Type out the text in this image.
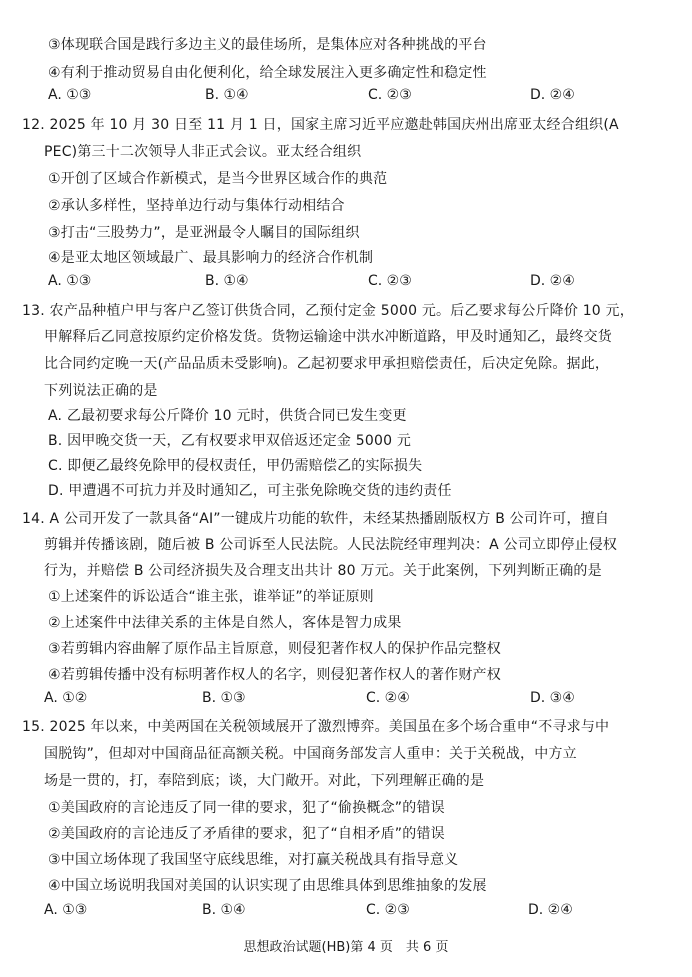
③体现联合国是践行多边主义的最佳场所，是集体应对各种挑战的平台
④有利于推动贸易自由化便利化，给全球发展注入更多确定性和稳定性
A. ①③	B. ①④	C. ②③	D. ②④
12. 2025 年 10 月 30 日至 11 月 1 日，国家主席习近平应邀赴韩国庆州出席亚太经合组织(A
PEC)第三十二次领导人非正式会议。亚太经合组织
①开创了区域合作新模式，是当今世界区域合作的典范
②承认多样性，坚持单边行动与集体行动相结合
③打击“三股势力”，是亚洲最令人瞩目的国际组织
④是亚太地区领域最广、最具影响力的经济合作机制
A. ①③	B. ①④	C. ②③	D. ②④
13. 农产品种植户甲与客户乙签订供货合同，乙预付定金 5000 元。后乙要求每公斤降价 10 元，
甲解释后乙同意按原约定价格发货。货物运输途中洪水冲断道路，甲及时通知乙，最终交货
比合同约定晚一天(产品品质未受影响)。乙起初要求甲承担赔偿责任，后决定免除。据此，
下列说法正确的是
A. 乙最初要求每公斤降价 10 元时，供货合同已发生变更
B. 因甲晚交货一天，乙有权要求甲双倍返还定金 5000 元
C. 即便乙最终免除甲的侵权责任，甲仍需赔偿乙的实际损失
D. 甲遭遇不可抗力并及时通知乙，可主张免除晚交货的违约责任
14. A 公司开发了一款具备“AI”一键成片功能的软件，未经某热播剧版权方 B 公司许可，擅自
剪辑并传播该剧，随后被 B 公司诉至人民法院。人民法院经审理判决：A 公司立即停止侵权
行为，并赔偿 B 公司经济损失及合理支出共计 80 万元。关于此案例，下列判断正确的是
①上述案件的诉讼适合“谁主张，谁举证”的举证原则
②上述案件中法律关系的主体是自然人，客体是智力成果
③若剪辑内容曲解了原作品主旨原意，则侵犯著作权人的保护作品完整权
④若剪辑传播中没有标明著作权人的名字，则侵犯著作权人的著作财产权
A. ①②	B. ①③	C. ②④	D. ③④
15. 2025 年以来，中美两国在关税领域展开了激烈博弈。美国虽在多个场合重申“不寻求与中
国脱钩”，但却对中国商品征高额关税。中国商务部发言人重申：关于关税战，中方立
场是一贯的，打，奉陪到底；谈，大门敞开。对此，下列理解正确的是
①美国政府的言论违反了同一律的要求，犯了“偷换概念”的错误
②美国政府的言论违反了矛盾律的要求，犯了“自相矛盾”的错误
③中国立场体现了我国坚守底线思维，对打赢关税战具有指导意义
④中国立场说明我国对美国的认识实现了由思维具体到思维抽象的发展
A. ①③	B. ①④	C. ②③	D. ②④
思想政治试题(HB)第 4 页　共 6 页
